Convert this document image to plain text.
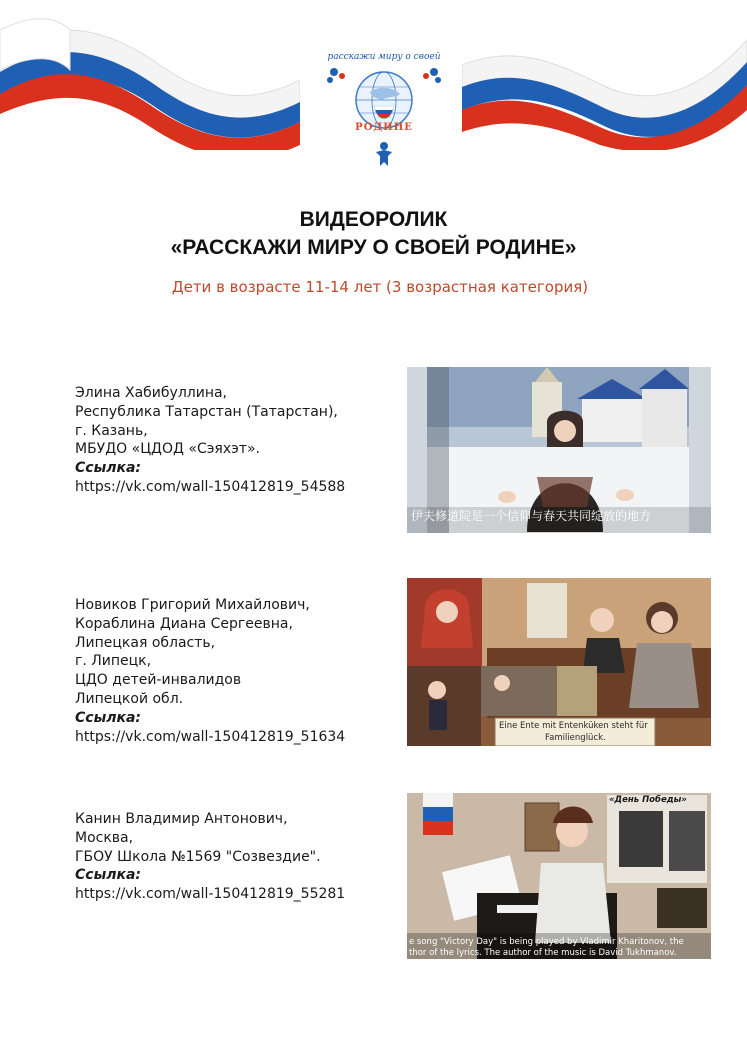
расскажи миру о своей
РОДИНЕ
ВИДЕОРОЛИК
«РАССКАЖИ МИРУ О СВОЕЙ РОДИНЕ»
Дети в возрасте 11-14 лет (3 возрастная категория)
Элина Хабибуллина,
Республика Татарстан (Татарстан),
г. Казань,
МБУДО «ЦДОД «Сэяхэт».
Ссылка:
https://vk.com/wall-150412819_54588
伊夫修道院是一个信仰与春天共同绽放的地方
Новиков Григорий Михайлович,
Кораблина Диана Сергеевна,
Липецкая область,
г. Липецк,
ЦДО детей-инвалидов
Липецкой обл.
Ссылка:
https://vk.com/wall-150412819_51634
Eine Ente mit Entenküken steht für
Familienglück.
Канин Владимир Антонович,
Москва,
ГБОУ Школа №1569 "Созвездие".
Ссылка:
https://vk.com/wall-150412819_55281
«День Победы»
e song "Victory Day" is being played by Vladimir Kharitonov, the
thor of the lyrics. The author of the music is David Tukhmanov.
